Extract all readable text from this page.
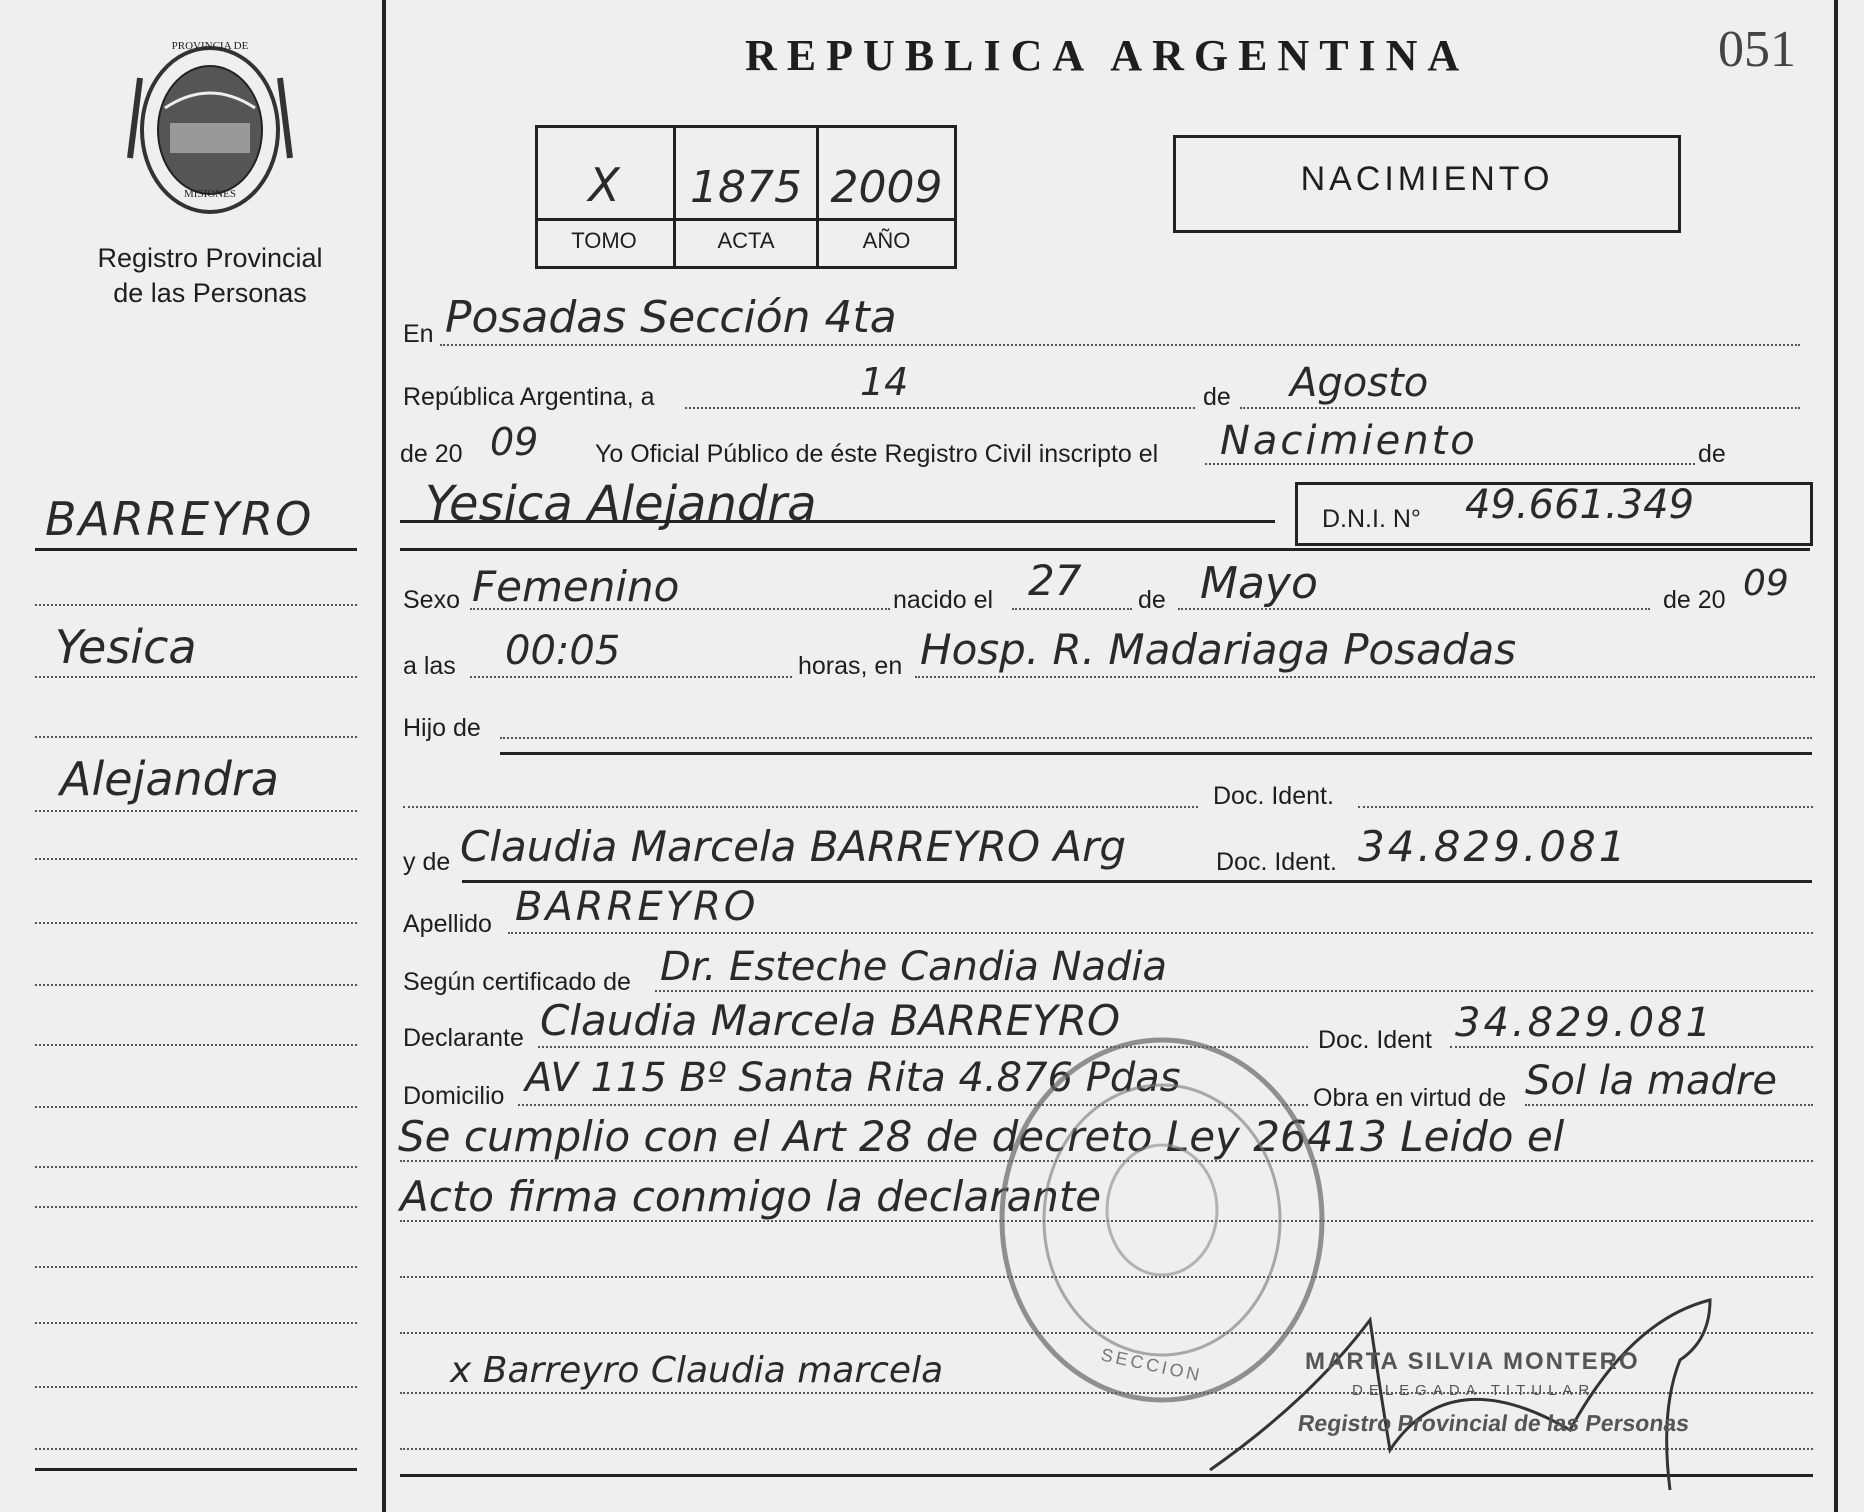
PROVINCIA DE
MISIONES
Registro Provincial
de las Personas
BARREYRO
Yesica
Alejandra
REPUBLICA ARGENTINA	051
X	1875 2009
TOMO	ACTA	AÑO
NACIMIENTO
En Posadas Sección 4ta
República Argentina, a	14	de Agosto
de 20 09 Yo Oficial Público de éste Registro Civil inscripto el Nacimiento	de
Yesica Alejandra	D.N.I. N° 49.661.349
Sexo Femenino	nacido el 27 de Mayo	de 20 09
a las 00:05	horas, en Hosp. R. Madariaga Posadas
Hijo de
Doc. Ident.
y de Claudia Marcela BARREYRO Arg	Doc. Ident. 34.829.081
Apellido BARREYRO
Según certificado de Dr. Esteche Candia Nadia
Declarante Claudia Marcela BARREYRO	Doc. Ident 34.829.081
Domicilio AV 115 Bº Santa Rita 4.876 Pdas	Obra en virtud de Sol la madre
Se cumplio con el Art 28 de decreto Ley 26413 Leido el
Acto firma conmigo la declarante
x Barreyro Claudia marcela	SECCION	MARTA SILVIA MONTERO
DELEGADA TITULAR
Registro Provincial de las Personas
